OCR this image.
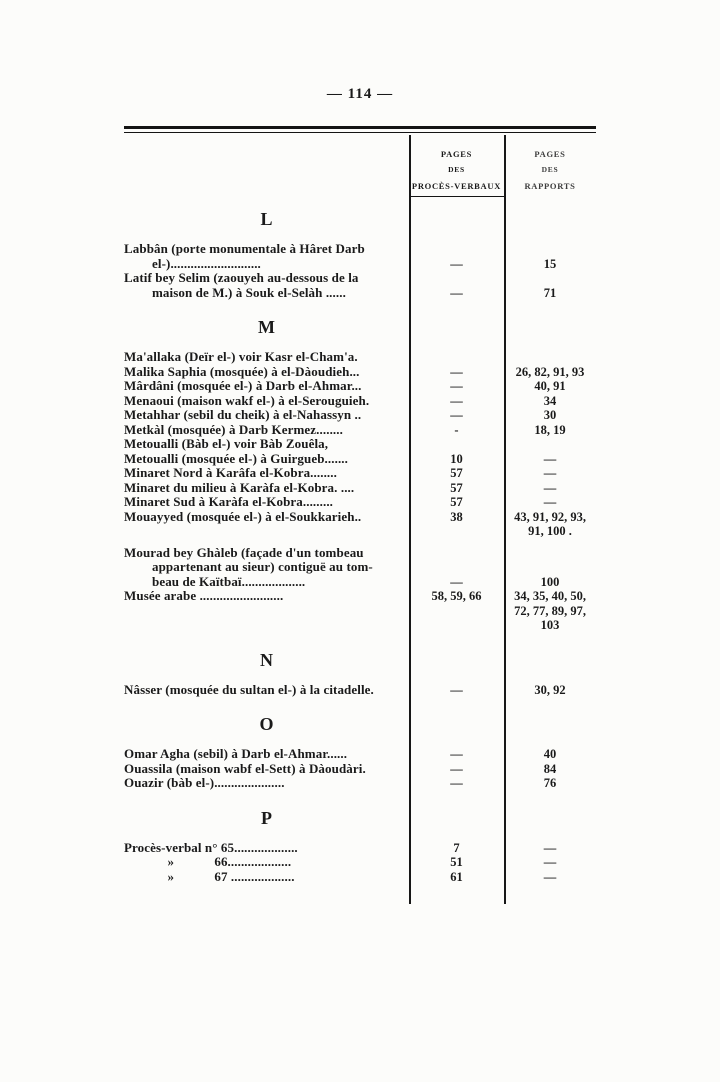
— 114 —
PAGES
DES
PROCÈS-VERBAUX
PAGES
DES
RAPPORTS
L
Labbân (porte monumentale à Hâret Darb
el-)...........................	—	15
Latif bey Selim (zaouyeh au-dessous de la
maison de M.) à Souk el-Selàh ......	—	71
M
Ma'allaka (Deïr el-) voir Kasr el-Cham'a.
Malika Saphia (mosquée) à el-Dàoudieh...	—	26, 82, 91, 93
Mârdâni (mosquée el-) à Darb el-Ahmar...	—	40, 91
Menaoui (maison wakf el-) à el-Serouguieh.	—	34
Metahhar (sebil du cheik) à el-Nahassyn ..	—	30
Metkàl (mosquée) à Darb Kermez........	-	18, 19
Metoualli (Bàb el-) voir Bàb Zouêla,
Metoualli (mosquée el-) à Guirgueb.......	10	—
Minaret Nord à Karâfa el-Kobra........	57	—
Minaret du milieu à Karàfa el-Kobra. ....	57	—
Minaret Sud à Karàfa el-Kobra.........	57	—
Mouayyed (mosquée el-) à el-Soukkarieh..	38	43, 91, 92, 93,
91, 100 .
Mourad bey Ghàleb (façade d'un tombeau
appartenant au sieur) contiguë au tom-
beau de Kaïtbaï...................	—	100
Musée arabe .........................	58, 59, 66	34, 35, 40, 50,
72, 77, 89, 97,
103
N
Nâsser (mosquée du sultan el-) à la citadelle.	—	30, 92
O
Omar Agha (sebil) à Darb el-Ahmar......	—	40
Ouassila (maison wabf el-Sett) à Dàoudàri.	—	84
Ouazir (bàb el-).....................	—	76
P
Procès-verbal n° 65...................	7	—
»            66...................	51	—
»            67 ...................	61	—
